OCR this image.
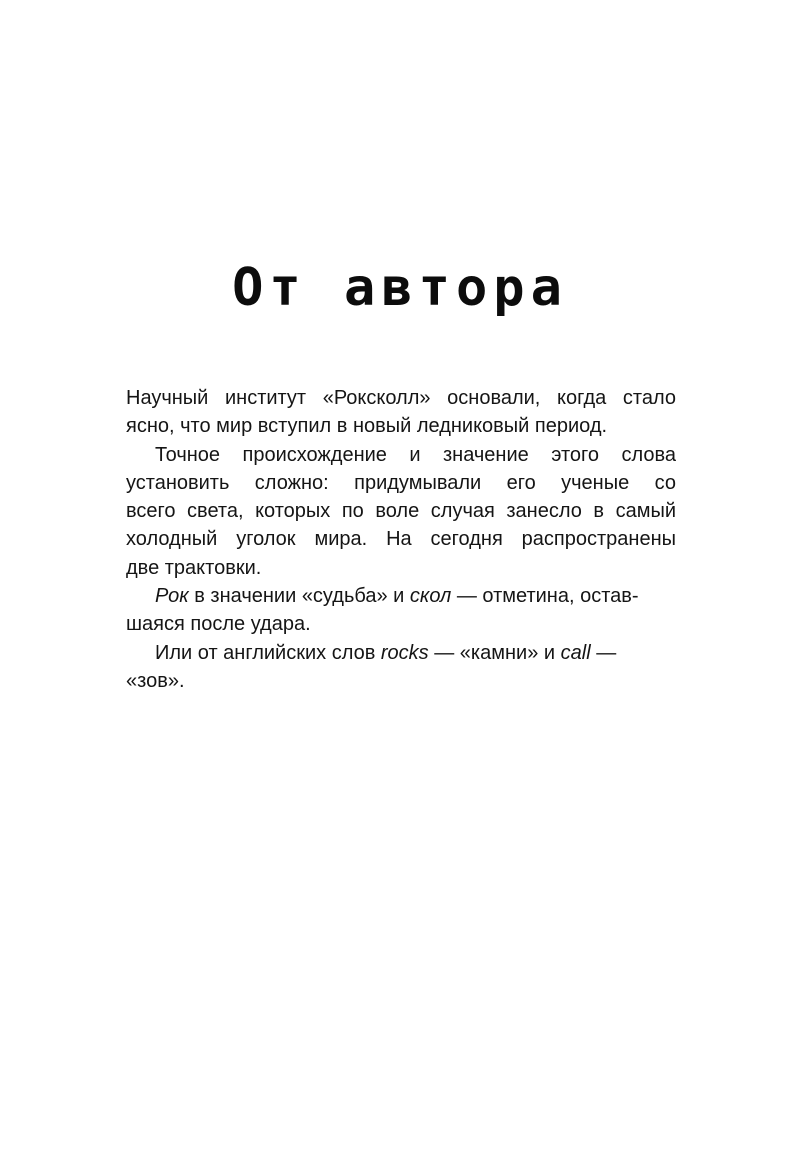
От автора

Научный институт «Роксколл» основали, когда стало
ясно, что мир вступил в новый ледниковый период.

Точное происхождение и значение этого слова
установить сложно: придумывали его ученые со
всего света, которых по воле случая занесло в самый
холодный уголок мира. На сегодня распространены
две трактовки.

Рок в значении «судьба» и скол — отметина, остав-
шаяся после удара.

Или от английских слов rocks — «камни» и call —
«зов».
